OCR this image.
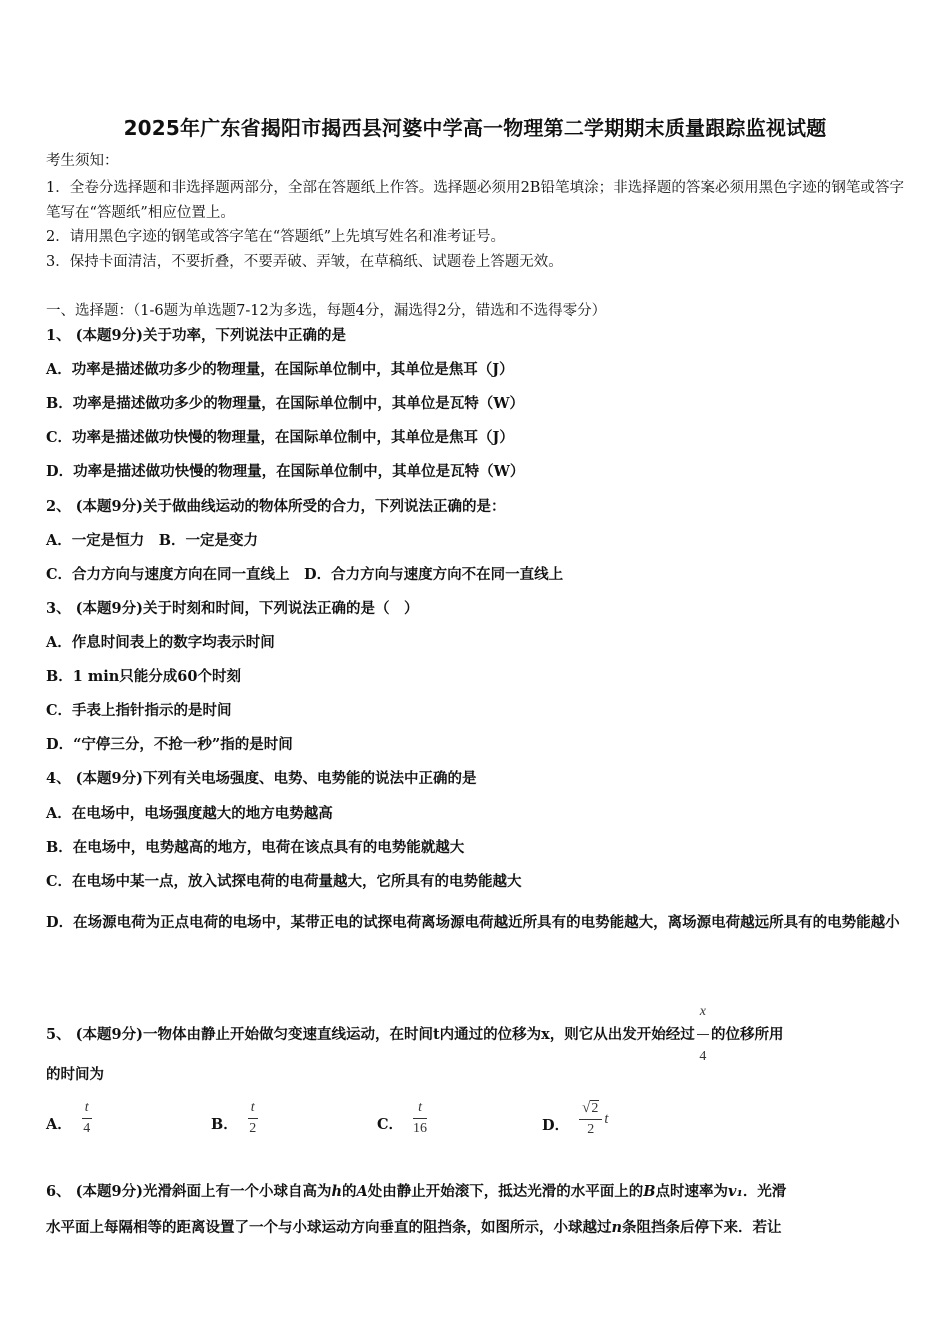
2025年广东省揭阳市揭西县河婆中学高一物理第二学期期末质量跟踪监视试题
考生须知：
1．全卷分选择题和非选择题两部分，全部在答题纸上作答。选择题必须用2B铅笔填涂；非选择题的答案必须用黑色字迹的钢笔或答字笔写在“答题纸”相应位置上。
2．请用黑色字迹的钢笔或答字笔在“答题纸”上先填写姓名和准考证号。
3．保持卡面清洁，不要折叠，不要弄破、弄皱，在草稿纸、试题卷上答题无效。
一、选择题：（1-6题为单选题7-12为多选，每题4分，漏选得2分，错选和不选得零分）
1、 (本题9分)关于功率，下列说法中正确的是
A．功率是描述做功多少的物理量，在国际单位制中，其单位是焦耳（J）
B．功率是描述做功多少的物理量，在国际单位制中，其单位是瓦特（W）
C．功率是描述做功快慢的物理量，在国际单位制中，其单位是焦耳（J）
D．功率是描述做功快慢的物理量，在国际单位制中，其单位是瓦特（W）
2、 (本题9分)关于做曲线运动的物体所受的合力，下列说法正确的是：
A．一定是恒力　B．一定是变力
C．合力方向与速度方向在同一直线上　D．合力方向与速度方向不在同一直线上
3、 (本题9分)关于时刻和时间，下列说法正确的是（　）
A．作息时间表上的数字均表示时间
B．1 min只能分成60个时刻
C．手表上指针指示的是时间
D．“宁停三分，不抢一秒”指的是时间
4、 (本题9分)下列有关电场强度、电势、电势能的说法中正确的是
A．在电场中，电场强度越大的地方电势越高
B．在电场中，电势越高的地方，电荷在该点具有的电势能就越大
C．在电场中某一点，放入试探电荷的电荷量越大，它所具有的电势能越大
D．在场源电荷为正点电荷的电场中，某带正电的试探电荷离场源电荷越近所具有的电势能越大，离场源电荷越远所具有的电势能越小
5、 (本题9分)一物体由静止开始做匀变速直线运动，在时间t内通过的位移为x，则它从出发开始经过 $\frac{x}{4}$ 的位移所用
的时间为
A． $\frac{t}{4}$	B． $\frac{t}{2}$	C． $\frac{t}{16}$	D． $\frac{√ 2}{2}$ t
6、 (本题9分)光滑斜面上有一个小球自高为h的A处由静止开始滚下，抵达光滑的水平面上的B点时速率为v₁．光滑
水平面上每隔相等的距离设置了一个与小球运动方向垂直的阻挡条，如图所示，小球越过n条阻挡条后停下来．若让
